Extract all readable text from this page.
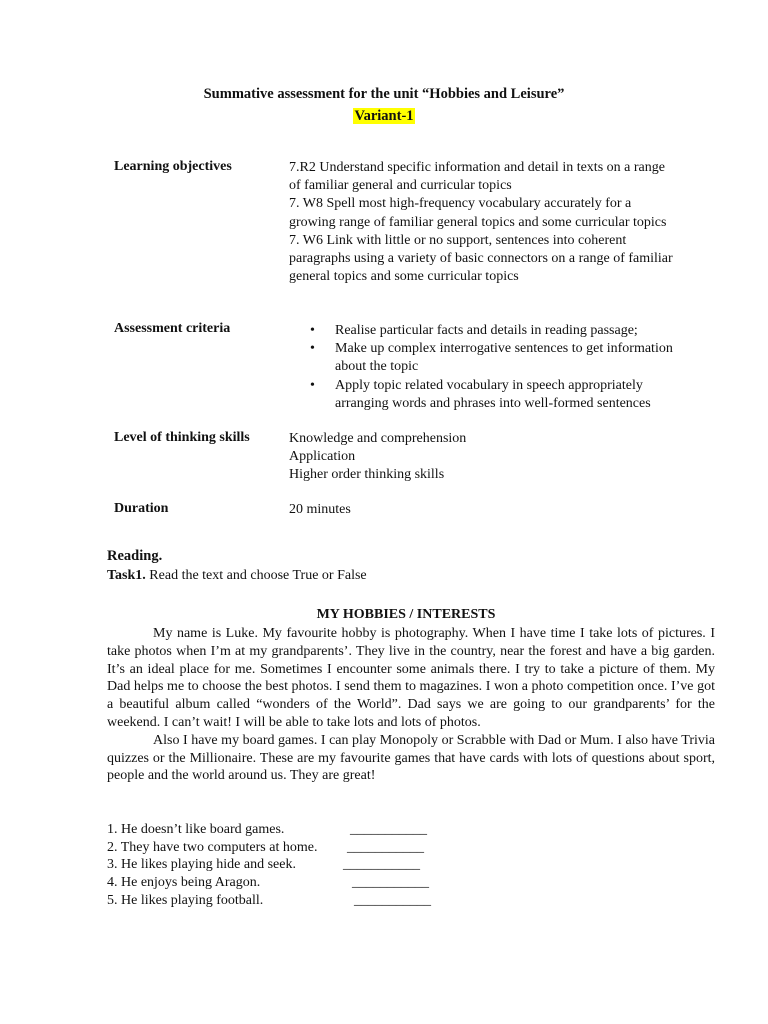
Summative assessment for the unit “Hobbies and Leisure”
Variant-1
Learning objectives	7.R2 Understand specific information and detail in texts on a range
of familiar general and curricular topics
7. W8 Spell most high-frequency vocabulary accurately for a
growing range of familiar general topics and some curricular topics
7. W6 Link with little or no support, sentences into coherent
paragraphs using a variety of basic connectors on a range of familiar
general topics and some curricular topics
Assessment criteria	• Realise particular facts and details in reading passage;
• Make up complex interrogative sentences to get information
about the topic
• Apply topic related vocabulary in speech appropriately
arranging words and phrases into well-formed sentences
Level of thinking skills	Knowledge and comprehension
Application
Higher order thinking skills
Duration	20 minutes
Reading.
Task1. Read the text and choose True or False
MY HOBBIES / INTERESTS

My name is Luke. My favourite hobby is photography. When I have time I take lots of pictures. I take photos when I’m at my grandparents’. They live in the country, near the forest and have a big garden. It’s an ideal place for me. Sometimes I encounter some animals there. I try to take a picture of them. My Dad helps me to choose the best photos. I send them to magazines. I won a photo competition once. I’ve got a beautiful album called “wonders of the World”. Dad says we are going to our grandparents’ for the weekend. I can’t wait! I will be able to take lots and lots of photos.

Also I have my board games. I can play Monopoly or Scrabble with Dad or Mum. I also have Trivia quizzes or the Millionaire. These are my favourite games that have cards with lots of questions about sport, people and the world around us. They are great!

1. He doesn’t like board games.	___________
2. They have two computers at home. ___________
3. He likes playing hide and seek.	___________
4. He enjoys being Aragon.	___________
5. He likes playing football.	___________
